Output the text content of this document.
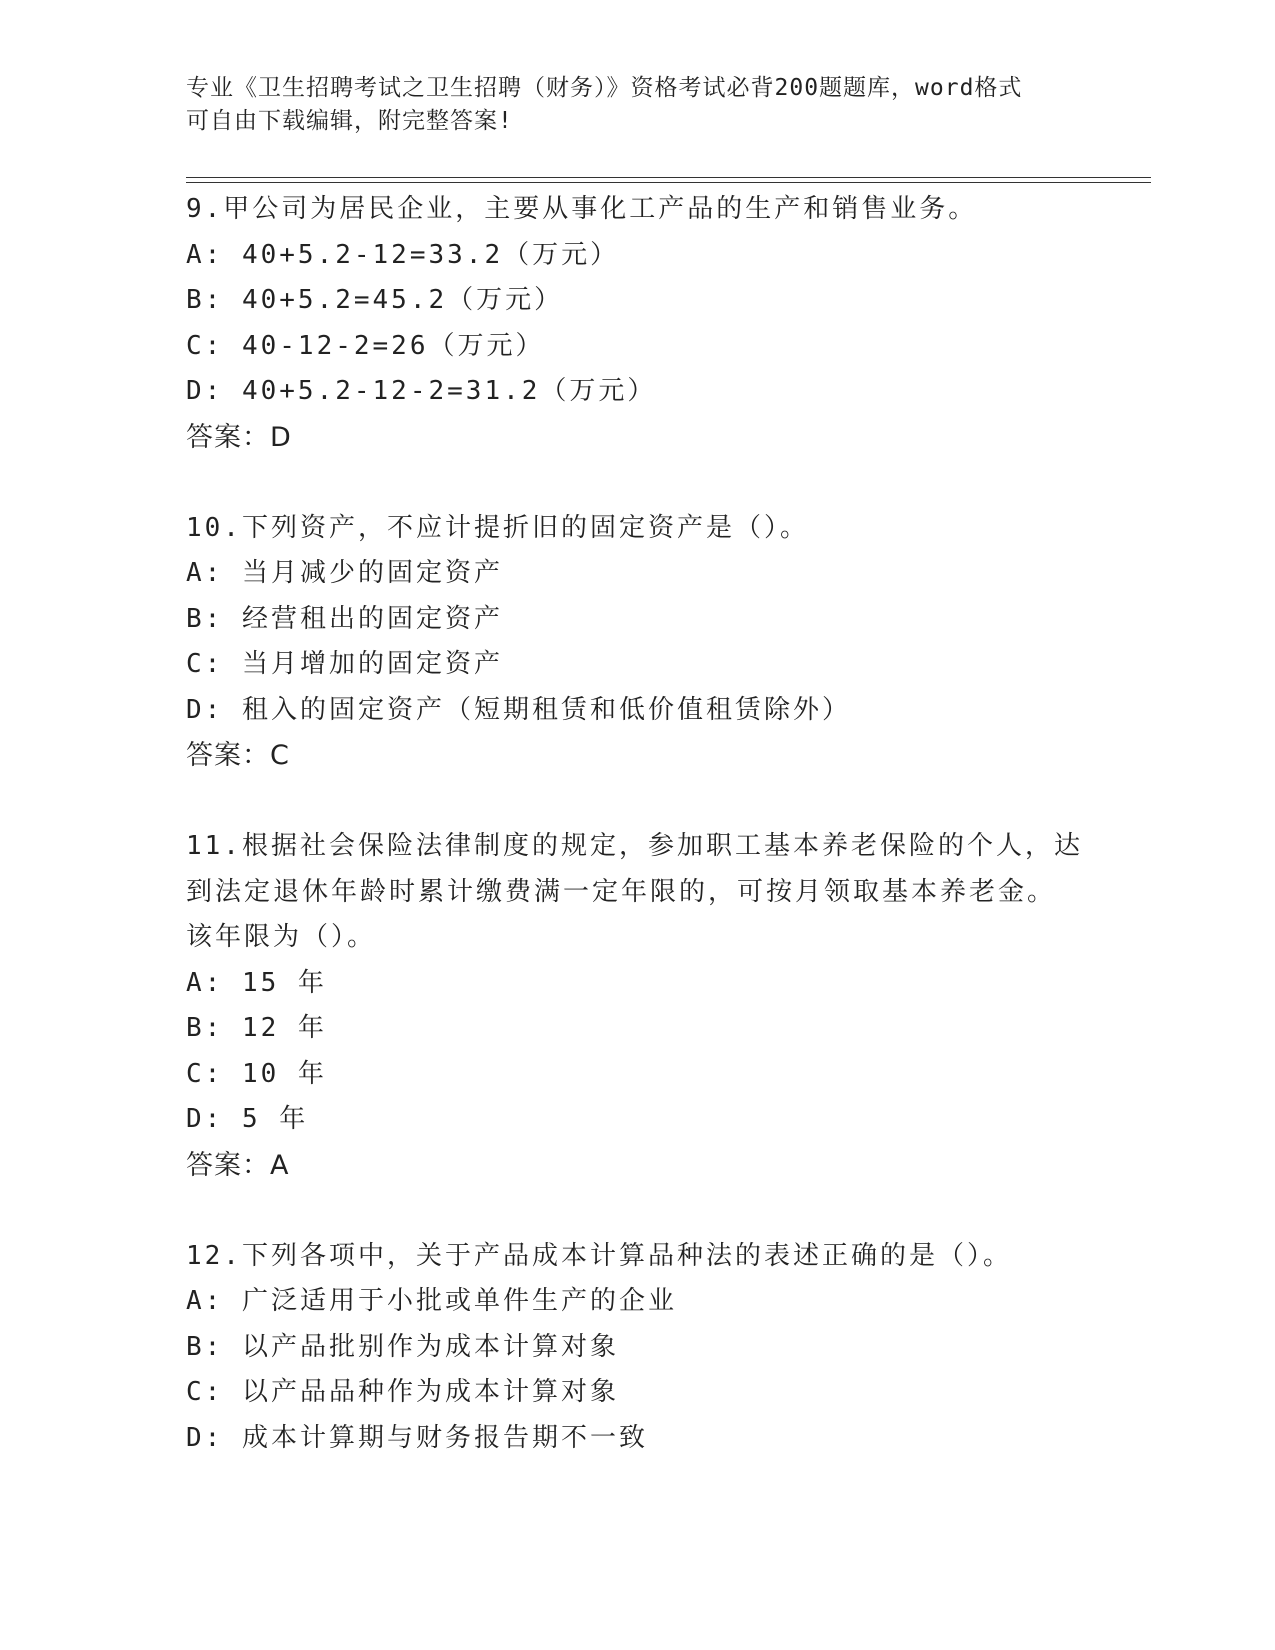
专业《卫生招聘考试之卫生招聘（财务）》资格考试必背200题题库，word格式
可自由下载编辑，附完整答案!
9.甲公司为居民企业，主要从事化工产品的生产和销售业务。
A: 40+5.2-12=33.2（万元）
B: 40+5.2=45.2（万元）
C: 40-12-2=26（万元）
D: 40+5.2-12-2=31.2（万元）
答案：D
10.下列资产，不应计提折旧的固定资产是（）。
A: 当月减少的固定资产
B: 经营租出的固定资产
C: 当月增加的固定资产
D: 租入的固定资产（短期租赁和低价值租赁除外）
答案：C
11.根据社会保险法律制度的规定，参加职工基本养老保险的个人，达
到法定退休年龄时累计缴费满一定年限的，可按月领取基本养老金。
该年限为（）。
A: 15 年
B: 12 年
C: 10 年
D: 5 年
答案：A
12.下列各项中，关于产品成本计算品种法的表述正确的是（）。
A: 广泛适用于小批或单件生产的企业
B: 以产品批别作为成本计算对象
C: 以产品品种作为成本计算对象
D: 成本计算期与财务报告期不一致
